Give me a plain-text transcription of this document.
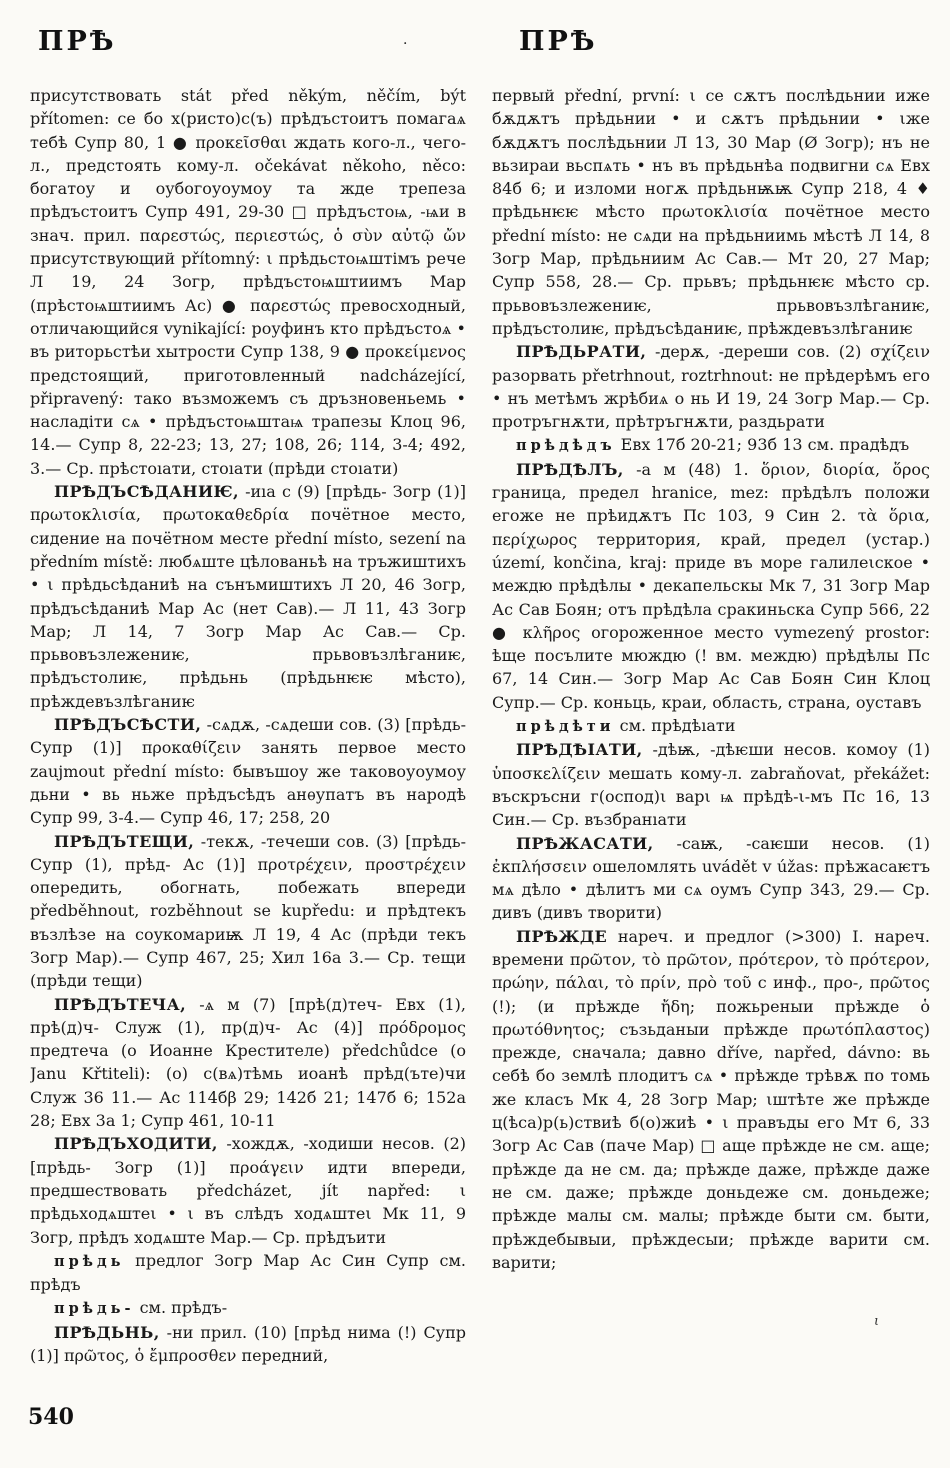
ПРѢ	·	ПРѢ

присутствовать stát před někým, něčím, být přítomen: се бо х(ристо)с(ъ) прѣдъстоитъ помагаѧ тебѣ Супр 80, 1 ● προκεῖσθαι ждать кого-л., чего-л., предстоять кому-л. očekávat někoho, něco: богатоу и оубогоуоумоу та жде трепеза прѣдъстоитъ Супр 491, 29-30 □ прѣдъстоѩ, -ѩи в знач. прил. παρεστώς, περιεστώς, ὁ σὺν αὐτῷ ὤν присутствующий přítomný: ι прѣдьстоѩштімъ рече Л 19, 24 Зогр, прѣдъстоѩштиимъ Мар (прѣстоѩштиимъ Ас) ● παρεστώς превосходный, отличающийся vynikající: роуфинъ кто прѣдъстоѧ • въ риторьстѣи хытрости Супр 138, 9 ● προκείμενος предстоящий, приготовленный nadcházející, připravený: тако възможемъ съ дръзновеньемь • насладіти сѧ • прѣдъстоѩштаѩ трапезы Клоц 96, 14.— Супр 8, 22-23; 13, 27; 108, 26; 114, 3-4; 492, 3.— Ср. прѣстоıати, стоıати (прѣди стоıати)

ПРѢДЪСѢДАНИѤ, -иıа с (9) [прѣдь- Зогр (1)] πρωτοκλισία, πρωτοκαθεδρία почётное место, сидение на почётном месте přední místo, sezení na předním místě: любѧште цѣлованьѣ на тръжиштихъ • ι прѣдьсѣданиѣ на сънъмиштихъ Л 20, 46 Зогр, прѣдъсѣданиѣ Мар Ас (нет Сав).— Л 11, 43 Зогр Мар; Л 14, 7 Зогр Мар Ас Сав.— Ср. прьвовъзлежениѥ, прьвовъзлѣганиѥ, прѣдъстолиѥ, прѣдьнь (прѣдьнѥѥ мѣсто), прѣждевъзлѣганиѥ

ПРѢДЪСѢСТИ, -сѧдѫ, -сѧдеши сов. (3) [прѣдь- Супр (1)] προκαθίζειν занять первое место zaujmout přední místo: бывъшоу же таковоуоумоу дьни • вь ньже прѣдъсѣдъ анѳупатъ въ народѣ Супр 99, 3-4.— Супр 46, 17; 258, 20

ПРѢДЪТЕЩИ, -текѫ, -течеши сов. (3) [прѣдь- Супр (1), прѣд- Ас (1)] προτρέχειν, προστρέχειν опередить, обогнать, побежать впереди předběhnout, rozběhnout se kupředu: и прѣдтекъ възлѣзе на соукомариѭ Л 19, 4 Ас (прѣди текъ Зогр Мар).— Супр 467, 25; Хил 16а 3.— Ср. тещи (прѣди тещи)

ПРѢДЪТЕЧА, -ѧ м (7) [прѣ(д)теч- Евх (1), прѣ(д)ч- Служ (1), пр(д)ч- Ас (4)] πρόδρομος предтеча (о Иоанне Крестителе) předchůdce (о Janu Křtiteli): (о) с(вѧ)тѣмь иоанѣ прѣд(ъте)чи Служ 36 11.— Ас 114бβ 29; 142б 21; 147б 6; 152а 28; Евх 3а 1; Супр 461, 10-11

ПРѢДЪХОДИТИ, -хождѫ, -ходиши несов. (2) [прѣдь- Зогр (1)] προάγειν идти впереди, предшествовать předcházet, jít napřed: ι прѣдьходѧштеι • ι въ слѣдъ ходѧштеι Мк 11, 9 Зогр, прѣдъ ходѧште Мар.— Ср. прѣдъити

прѣдь предлог Зогр Мар Ас Син Супр см. прѣдъ

прѣдь- см. прѣдъ-

ПРѢДЬНЬ, -ни прил. (10) [прѣд нима (!) Супр (1)] πρῶτος, ὁ ἔμπροσθεν передний,

первый přední, první: ι се сѫтъ послѣдьнии иже бѫдѫтъ прѣдьнии • и сѫтъ прѣдьнии • ιже бѫдѫтъ послѣдьнии Л 13, 30 Мар (Ø Зогр); нъ не вьзираи вьспѧть • нъ въ прѣдьнѣа подвигни сѧ Евх 84б 6; и изломи ногѫ прѣдьнѭѭ Супр 218, 4 ♦ прѣдьнѥѥ мѣсто πρωτοκλισία почётное место přední místo: не сѧди на прѣдьниимь мѣстѣ Л 14, 8 Зогр Мар, прѣдьниим Ас Сав.— Мт 20, 27 Мар; Супр 558, 28.— Ср. прьвъ; прѣдьнѥѥ мѣсто ср. прьвовъзлежениѥ, прьвовъзлѣганиѥ, прѣдъстолиѥ, прѣдъсѣданиѥ, прѣждевъзлѣганиѥ

ПРѢДЬРАТИ, -дерѫ, -дереши сов. (2) σχίζειν разорвать přetrhnout, roztrhnout: не прѣдерѣмъ его • нъ метѣмъ жрѣбиѧ о нь И 19, 24 Зогр Мар.— Ср. протръгнѫти, прѣтръгнѫти, раздьрати

прѣдѣдъ Евх 17б 20-21; 93б 13 см. прадѣдъ

ПРѢДѢЛЪ, -а м (48) 1. ὅριον, διορία, ὅρος граница, предел hranice, mez: прѣдѣлъ положи егоже не прѣидѫтъ Пс 103, 9 Син 2. τὰ ὅρια, περίχωρος территория, край, предел (устар.) území, končina, kraj: приде въ море галилеιское • междю прѣдѣлы • декапельскы Мк 7, 31 Зогр Мар Ас Сав Боян; отъ прѣдѣла сракиньска Супр 566, 22 ● κλῆρος огороженное место vymezený prostor: ѣще посълите мюждю (! вм. междю) прѣдѣлы Пс 67, 14 Син.— Зогр Мар Ас Сав Боян Син Клоц Супр.— Ср. коньць, краи, область, страна, оуставъ

прѣдѣти см. прѣдѣıати

ПРѢДѢІАТИ, -дѣѭ, -дѣѥши несов. комоу (1) ὑποσκελίζειν мешать кому-л. zabraňovat, překážet: въскръсни г(оспод)ι варι ѩ прѣдѣ-ι-мъ Пс 16, 13 Син.— Ср. възбранıати

ПРѢЖАСАТИ, -саѭ, -саѥши несов. (1) ἐκπλήσσειν ошеломлять uvádět v úžas: прѣжасаѥтъ мѧ дѣло • дѣлитъ ми сѧ оумъ Супр 343, 29.— Ср. дивъ (дивъ творити)

ПРѢЖДЕ нареч. и предлог (>300) I. нареч. времени πρῶτον, τὸ πρῶτον, πρότερον, τὸ πρότερον, πρώην, πάλαι, τὸ πρίν, πρὸ τοῦ с инф., προ-, πρῶτος (!); (и прѣжде ἤδη; пожьреныи прѣжде ὁ πρωτόθνητος; съзьданыи прѣжде πρωτόπλαστος) прежде, сначала; давно dříve, napřed, dávno: вь себѣ бо землѣ плодитъ сѧ • прѣжде трѣвѫ по томь же класъ Мк 4, 28 Зогр Мар; ιштѣте же прѣжде ц(ѣса)р(ь)ствиѣ б(о)жиѣ • ι правъды его Мт 6, 33 Зогр Ас Сав (паче Мар) □ аще прѣжде не см. аще; прѣжде да не см. да; прѣжде даже, прѣжде даже не см. даже; прѣжде доньдеже см. доньдеже; прѣжде малы см. малы; прѣжде быти см. быти, прѣждебывыи, прѣждесыи; прѣжде варити см. варити;

ι
540
